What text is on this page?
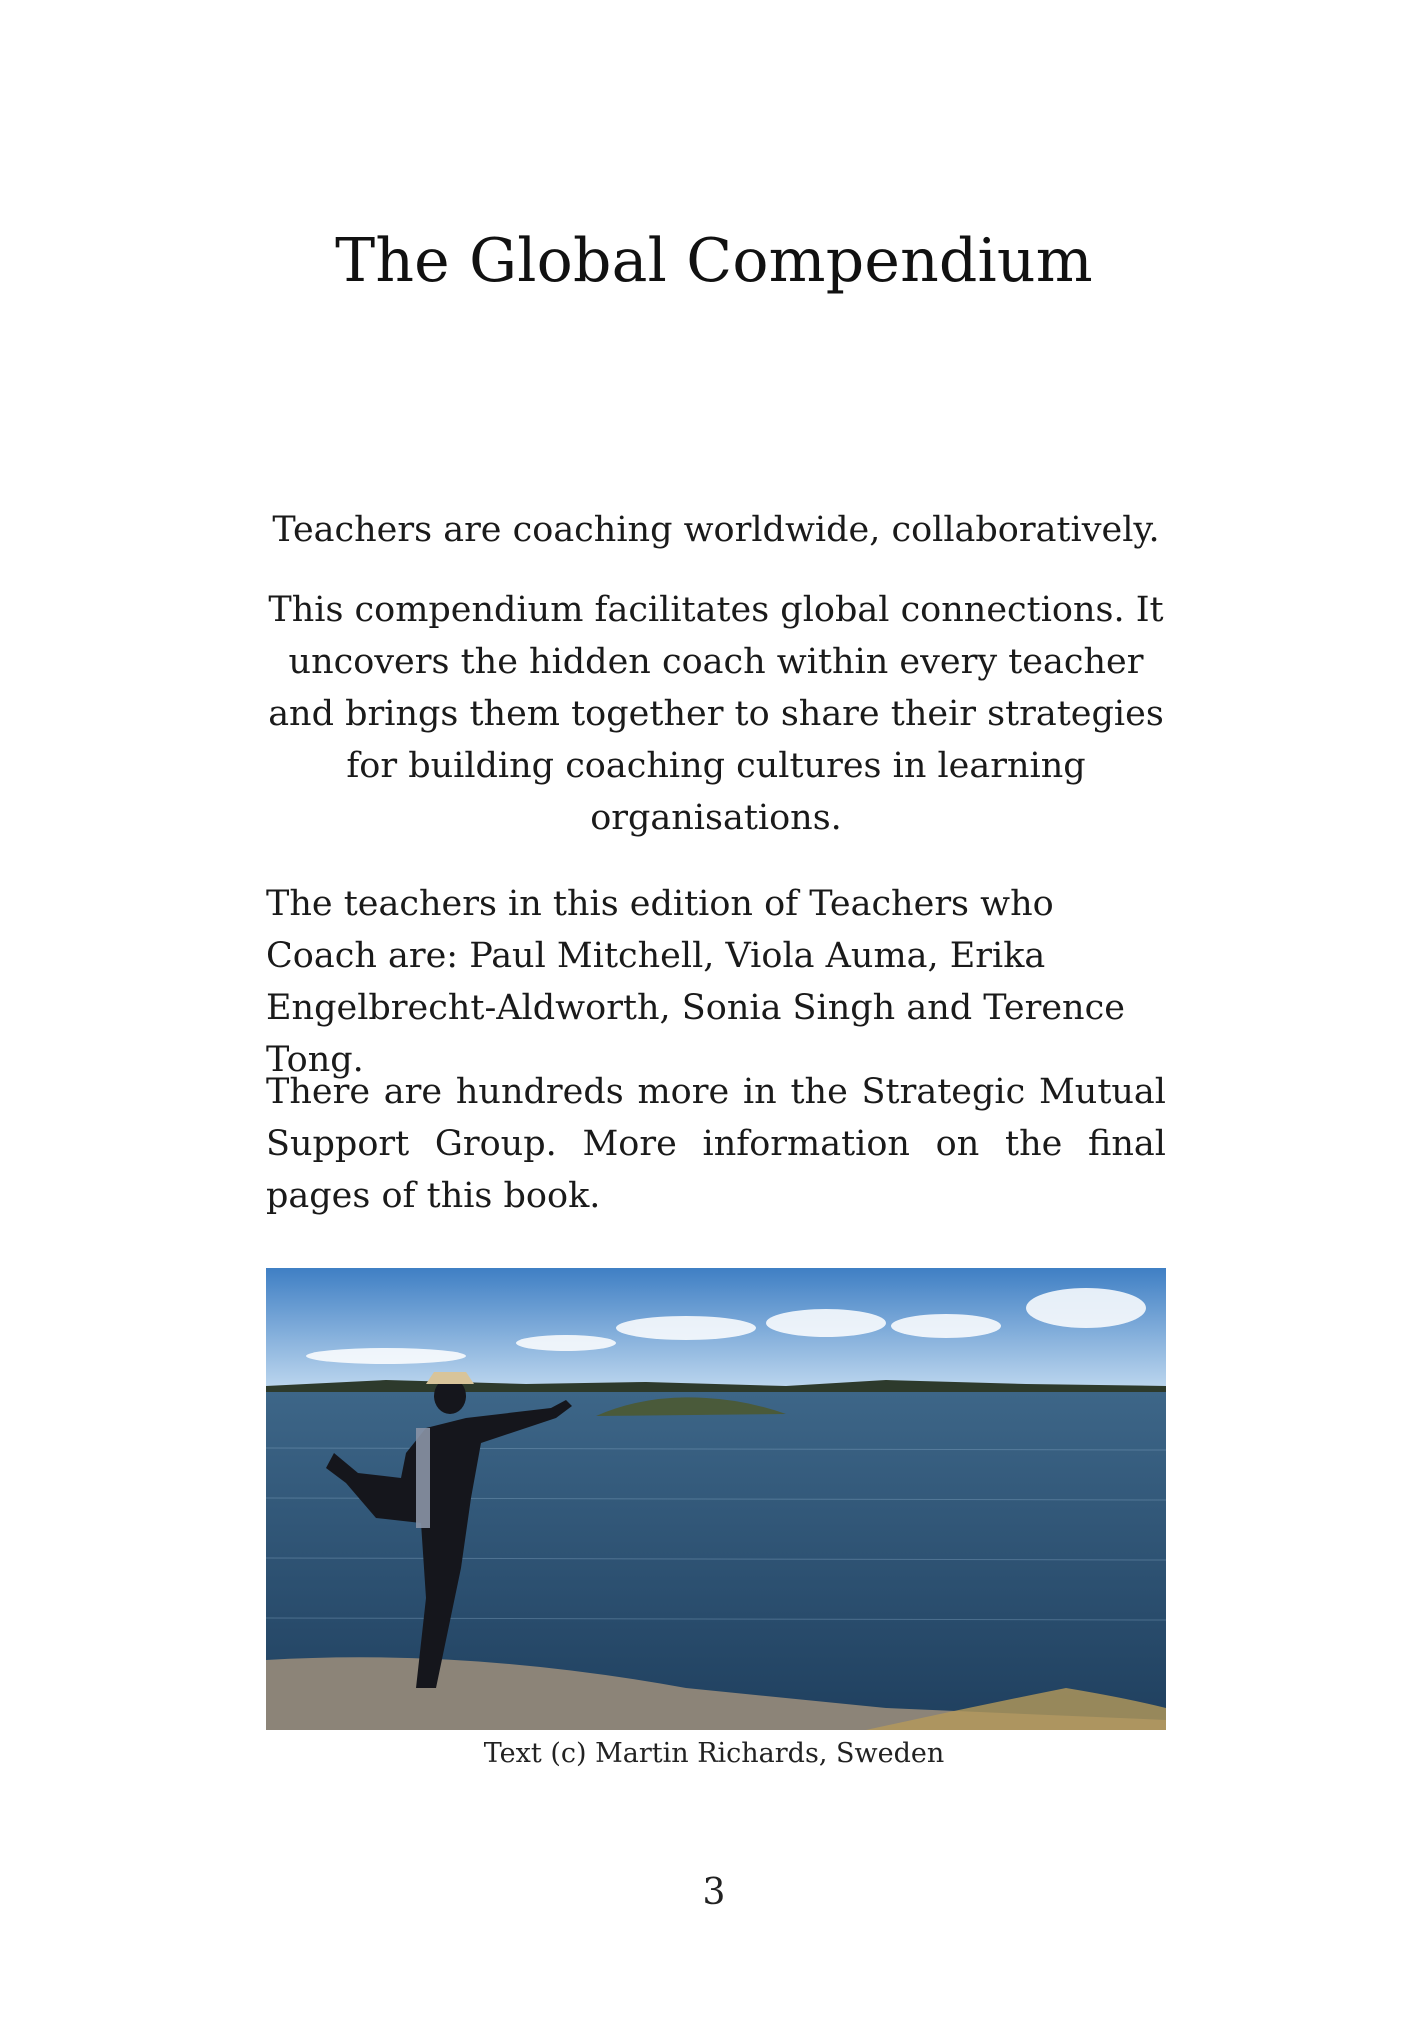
The Global Compendium

Teachers are coaching worldwide, collaboratively.

This compendium facilitates global connections. It uncovers the hidden coach within every teacher and brings them together to share their strategies for building coaching cultures in learning organisations.

The teachers in this edition of Teachers who Coach are: Paul Mitchell, Viola Auma, Erika Engelbrecht-Aldworth, Sonia Singh and Terence Tong.

There are hundreds more in the Strategic Mutual Support Group. More information on the final pages of this book.

Text (c) Martin Richards, Sweden
3
